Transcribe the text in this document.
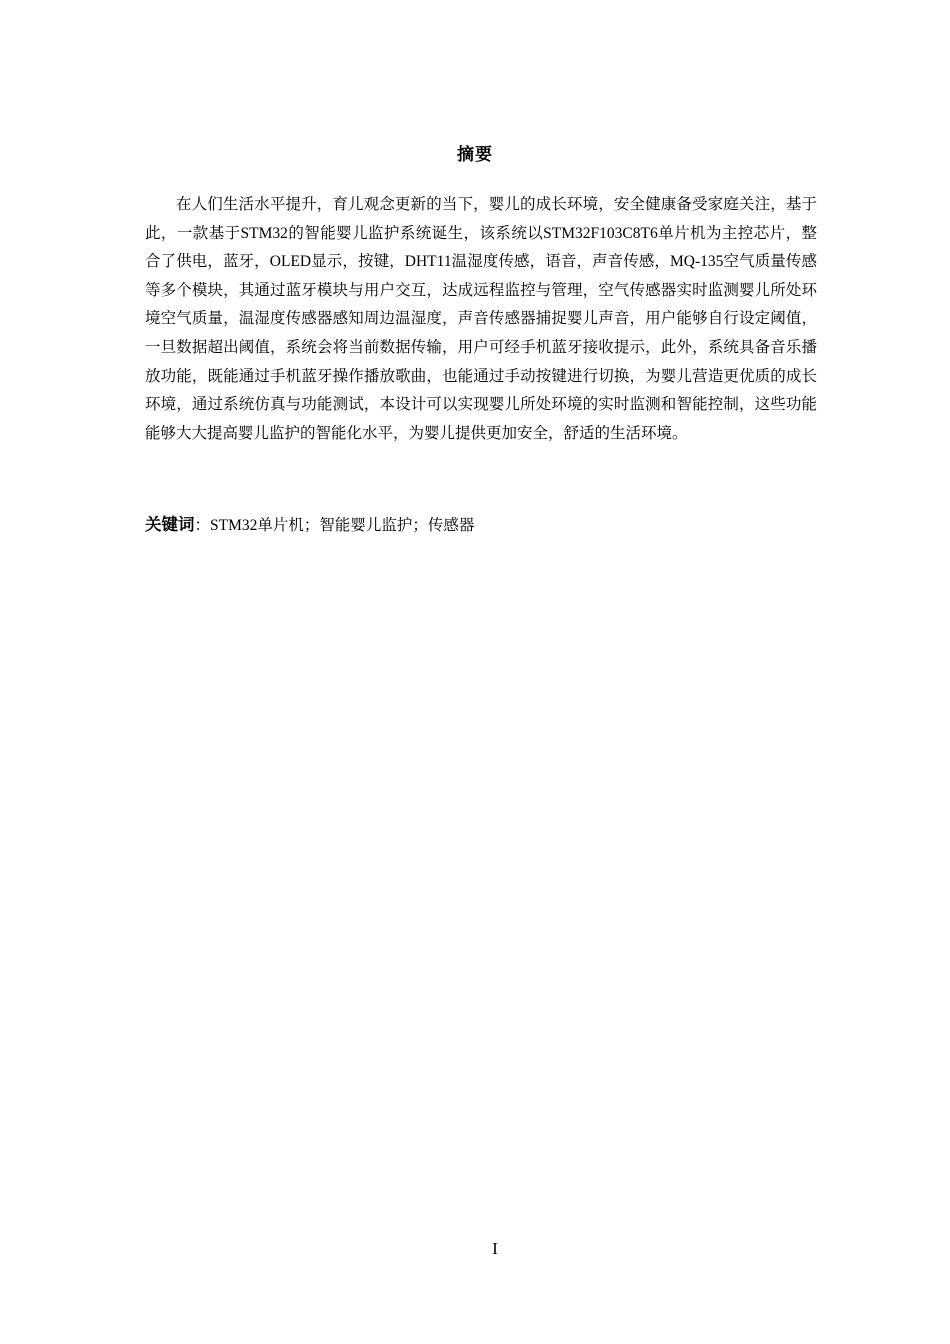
摘要

在人们生活水平提升，育儿观念更新的当下，婴儿的成长环境，安全健康备受家庭关注，基于此，一款基于STM32的智能婴儿监护系统诞生，该系统以STM32F103C8T6单片机为主控芯片，整合了供电，蓝牙，OLED显示，按键，DHT11温湿度传感，语音，声音传感，MQ-135空气质量传感等多个模块，其通过蓝牙模块与用户交互，达成远程监控与管理，空气传感器实时监测婴儿所处环境空气质量，温湿度传感器感知周边温湿度，声音传感器捕捉婴儿声音，用户能够自行设定阈值，一旦数据超出阈值，系统会将当前数据传输，用户可经手机蓝牙接收提示，此外，系统具备音乐播放功能，既能通过手机蓝牙操作播放歌曲，也能通过手动按键进行切换，为婴儿营造更优质的成长环境，通过系统仿真与功能测试，本设计可以实现婴儿所处环境的实时监测和智能控制，这些功能能够大大提高婴儿监护的智能化水平，为婴儿提供更加安全，舒适的生活环境。

关键词：STM32单片机；智能婴儿监护；传感器
I
